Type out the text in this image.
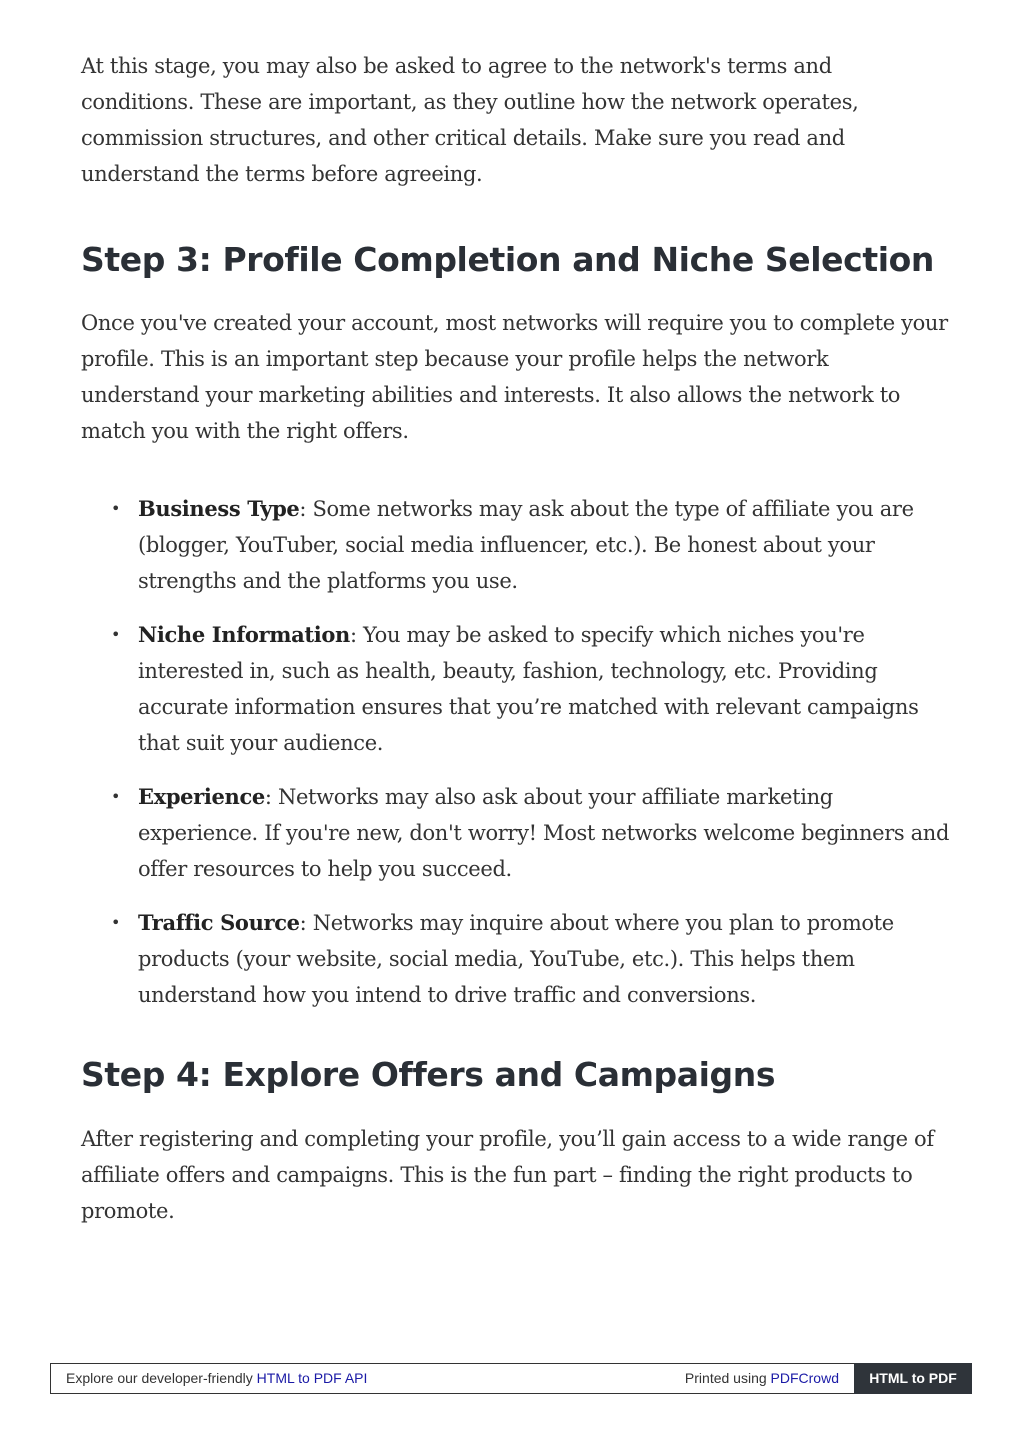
At this stage, you may also be asked to agree to the network's terms and conditions. These are important, as they outline how the network operates, commission structures, and other critical details. Make sure you read and understand the terms before agreeing.

Step 3: Profile Completion and Niche Selection

Once you've created your account, most networks will require you to complete your profile. This is an important step because your profile helps the network understand your marketing abilities and interests. It also allows the network to match you with the right offers.

• Business Type: Some networks may ask about the type of affiliate you are (blogger, YouTuber, social media influencer, etc.). Be honest about your strengths and the platforms you use.
• Niche Information: You may be asked to specify which niches you're interested in, such as health, beauty, fashion, technology, etc. Providing accurate information ensures that you’re matched with relevant campaigns that suit your audience.
• Experience: Networks may also ask about your affiliate marketing experience. If you're new, don't worry! Most networks welcome beginners and offer resources to help you succeed.
• Traffic Source: Networks may inquire about where you plan to promote products (your website, social media, YouTube, etc.). This helps them understand how you intend to drive traffic and conversions.
Step 4: Explore Offers and Campaigns

After registering and completing your profile, you’ll gain access to a wide range of affiliate offers and campaigns. This is the fun part – finding the right products to promote.

Explore our developer-friendly HTML to PDF API	Printed using PDFCrowd	HTML to PDF
